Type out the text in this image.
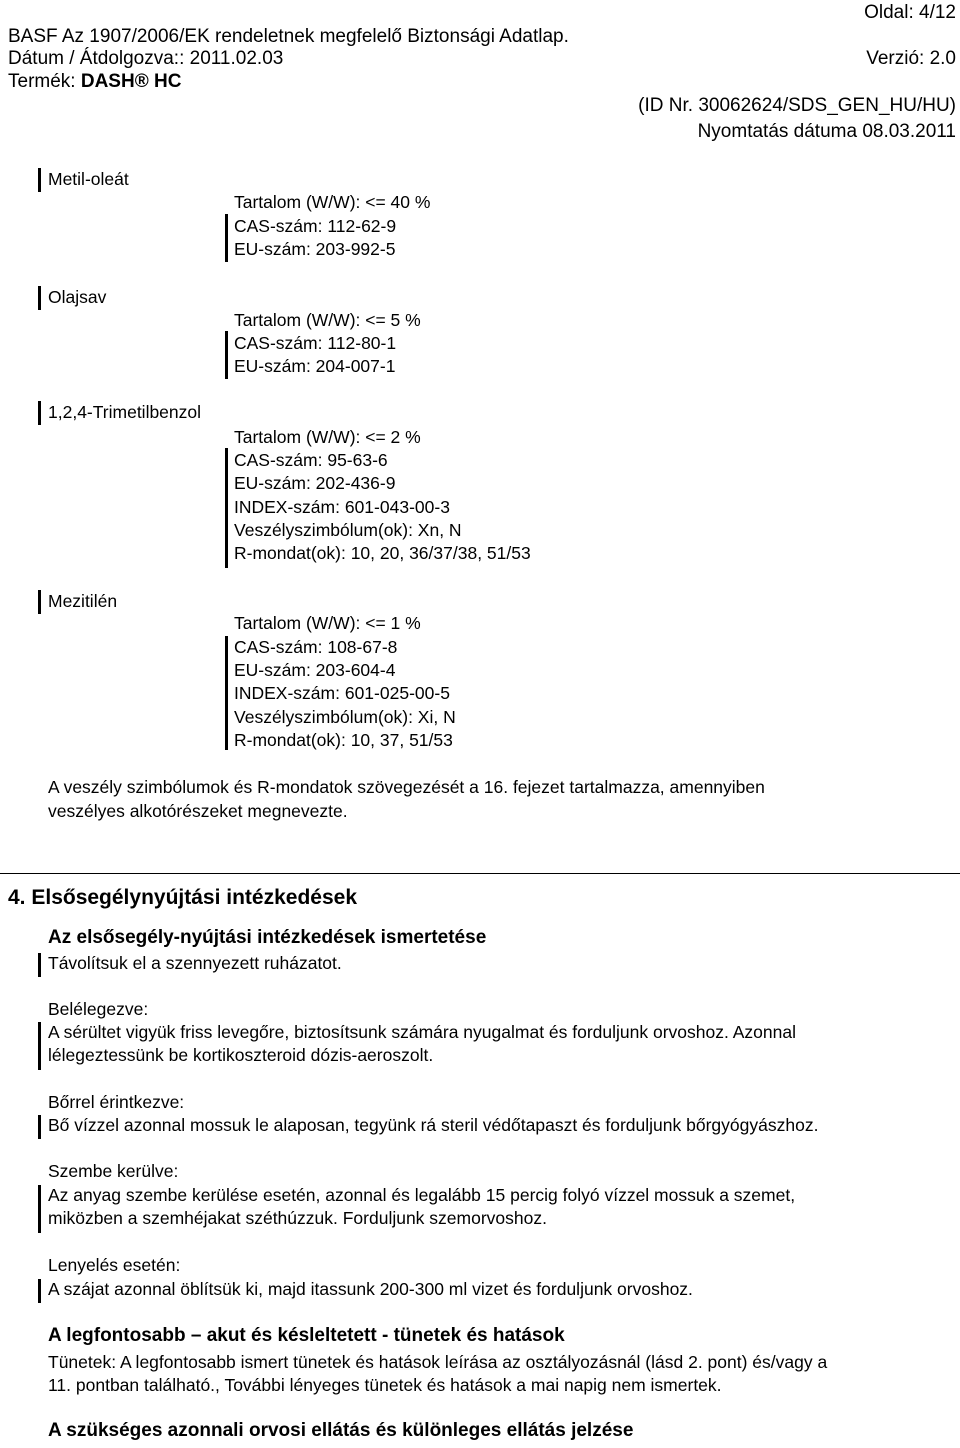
Oldal: 4/12
BASF Az 1907/2006/EK rendeletnek megfelelő Biztonsági Adatlap.
Dátum / Átdolgozva:: 2011.02.03	Verzió: 2.0
Termék: DASH® HC
(ID Nr. 30062624/SDS_GEN_HU/HU)
Nyomtatás dátuma 08.03.2011
Metil-oleát
Tartalom (W/W): <= 40 %
CAS-szám: 112-62-9
EU-szám: 203-992-5
Olajsav
Tartalom (W/W): <= 5 %
CAS-szám: 112-80-1
EU-szám: 204-007-1
1,2,4-Trimetilbenzol
Tartalom (W/W): <= 2 %
CAS-szám: 95-63-6
EU-szám: 202-436-9
INDEX-szám: 601-043-00-3
Veszélyszimbólum(ok): Xn, N
R-mondat(ok): 10, 20, 36/37/38, 51/53
Mezitilén
Tartalom (W/W): <= 1 %
CAS-szám: 108-67-8
EU-szám: 203-604-4
INDEX-szám: 601-025-00-5
Veszélyszimbólum(ok): Xi, N
R-mondat(ok): 10, 37, 51/53
A veszély szimbólumok és R-mondatok szövegezését a 16. fejezet tartalmazza, amennyiben
veszélyes alkotórészeket megnevezte.
4. Elsősegélynyújtási intézkedések
Az elsősegély-nyújtási intézkedések ismertetése
Távolítsuk el a szennyezett ruházatot.
Belélegezve:
A sérültet vigyük friss levegőre, biztosítsunk számára nyugalmat és forduljunk orvoshoz. Azonnal
lélegeztessünk be kortikoszteroid dózis-aeroszolt.
Bőrrel érintkezve:
Bő vízzel azonnal mossuk le alaposan, tegyünk rá steril védőtapaszt és forduljunk bőrgyógyászhoz.
Szembe kerülve:
Az anyag szembe kerülése esetén, azonnal és legalább 15 percig folyó vízzel mossuk a szemet,
miközben a szemhéjakat széthúzzuk. Forduljunk szemorvoshoz.
Lenyelés esetén:
A szájat azonnal öblítsük ki, majd itassunk 200-300 ml vizet és forduljunk orvoshoz.
A legfontosabb – akut és késleltetett - tünetek és hatások
Tünetek: A legfontosabb ismert tünetek és hatások leírása az osztályozásnál (lásd 2. pont) és/vagy a
11. pontban található., További lényeges tünetek és hatások a mai napig nem ismertek.
A szükséges azonnali orvosi ellátás és különleges ellátás jelzése
